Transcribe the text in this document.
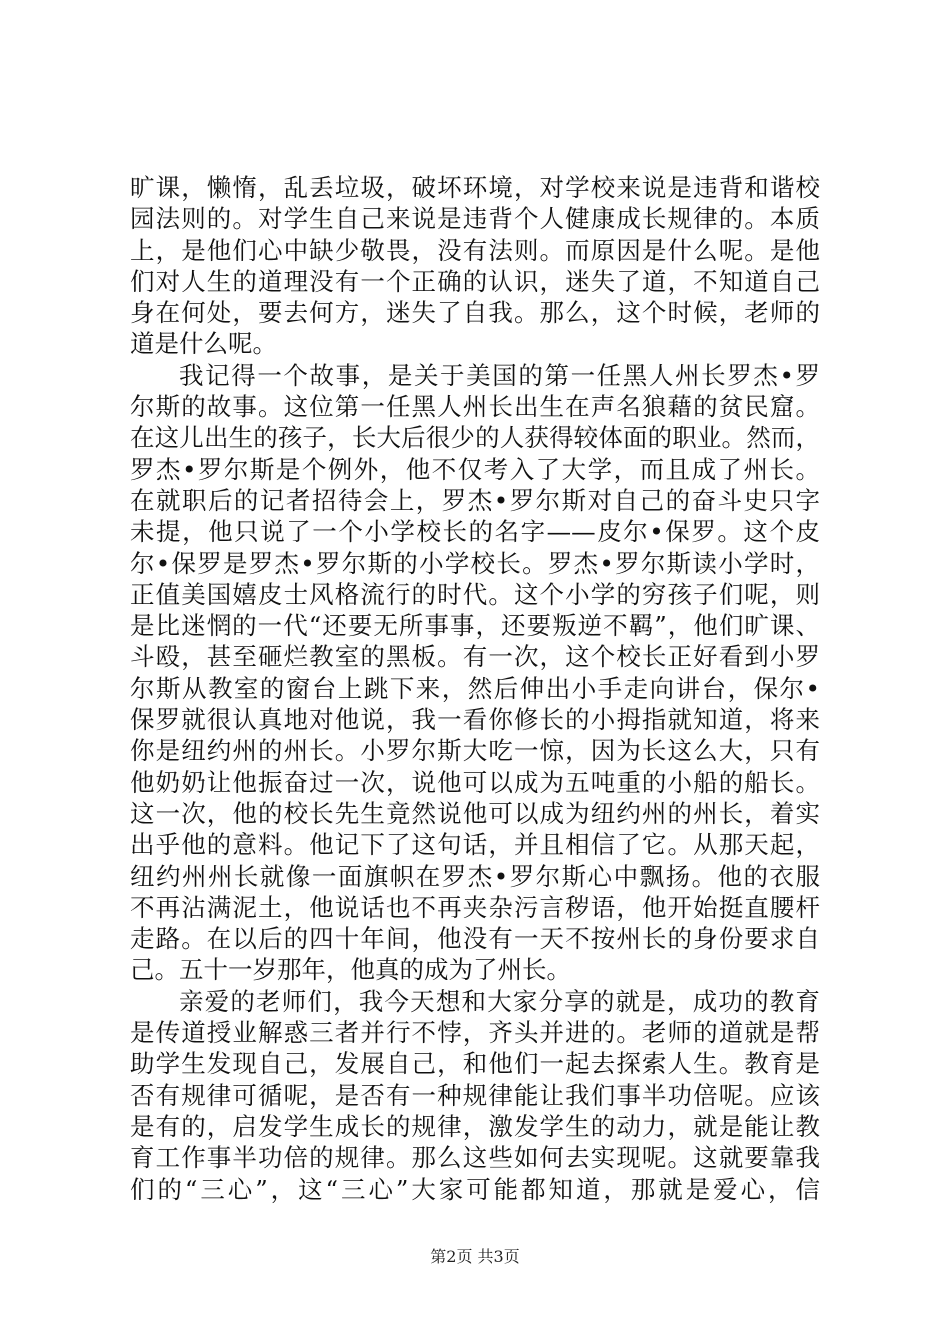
旷课，懒惰，乱丢垃圾，破坏环境，对学校来说是违背和谐校
园法则的。对学生自己来说是违背个人健康成长规律的。本质
上，是他们心中缺少敬畏，没有法则。而原因是什么呢。是他
们对人生的道理没有一个正确的认识，迷失了道，不知道自己
身在何处，要去何方，迷失了自我。那么，这个时候，老师的
道是什么呢。
我记得一个故事，是关于美国的第一任黑人州长罗杰•罗
尔斯的故事。这位第一任黑人州长出生在声名狼藉的贫民窟。
在这儿出生的孩子，长大后很少的人获得较体面的职业。然而，
罗杰•罗尔斯是个例外，他不仅考入了大学，而且成了州长。
在就职后的记者招待会上，罗杰•罗尔斯对自己的奋斗史只字
未提，他只说了一个小学校长的名字——皮尔•保罗。这个皮
尔•保罗是罗杰•罗尔斯的小学校长。罗杰•罗尔斯读小学时，
正值美国嬉皮士风格流行的时代。这个小学的穷孩子们呢，则
是比迷惘的一代“还要无所事事，还要叛逆不羁”，他们旷课、
斗殴，甚至砸烂教室的黑板。有一次，这个校长正好看到小罗
尔斯从教室的窗台上跳下来，然后伸出小手走向讲台，保尔•
保罗就很认真地对他说，我一看你修长的小拇指就知道，将来
你是纽约州的州长。小罗尔斯大吃一惊，因为长这么大，只有
他奶奶让他振奋过一次，说他可以成为五吨重的小船的船长。
这一次，他的校长先生竟然说他可以成为纽约州的州长，着实
出乎他的意料。他记下了这句话，并且相信了它。从那天起，
纽约州州长就像一面旗帜在罗杰•罗尔斯心中飘扬。他的衣服
不再沾满泥土，他说话也不再夹杂污言秽语，他开始挺直腰杆
走路。在以后的四十年间，他没有一天不按州长的身份要求自
己。五十一岁那年，他真的成为了州长。
亲爱的老师们，我今天想和大家分享的就是，成功的教育
是传道授业解惑三者并行不悖，齐头并进的。老师的道就是帮
助学生发现自己，发展自己，和他们一起去探索人生。教育是
否有规律可循呢，是否有一种规律能让我们事半功倍呢。应该
是有的，启发学生成长的规律，激发学生的动力，就是能让教
育工作事半功倍的规律。那么这些如何去实现呢。这就要靠我
们的“三心”，这“三心”大家可能都知道，那就是爱心，信
第2页 共3页
